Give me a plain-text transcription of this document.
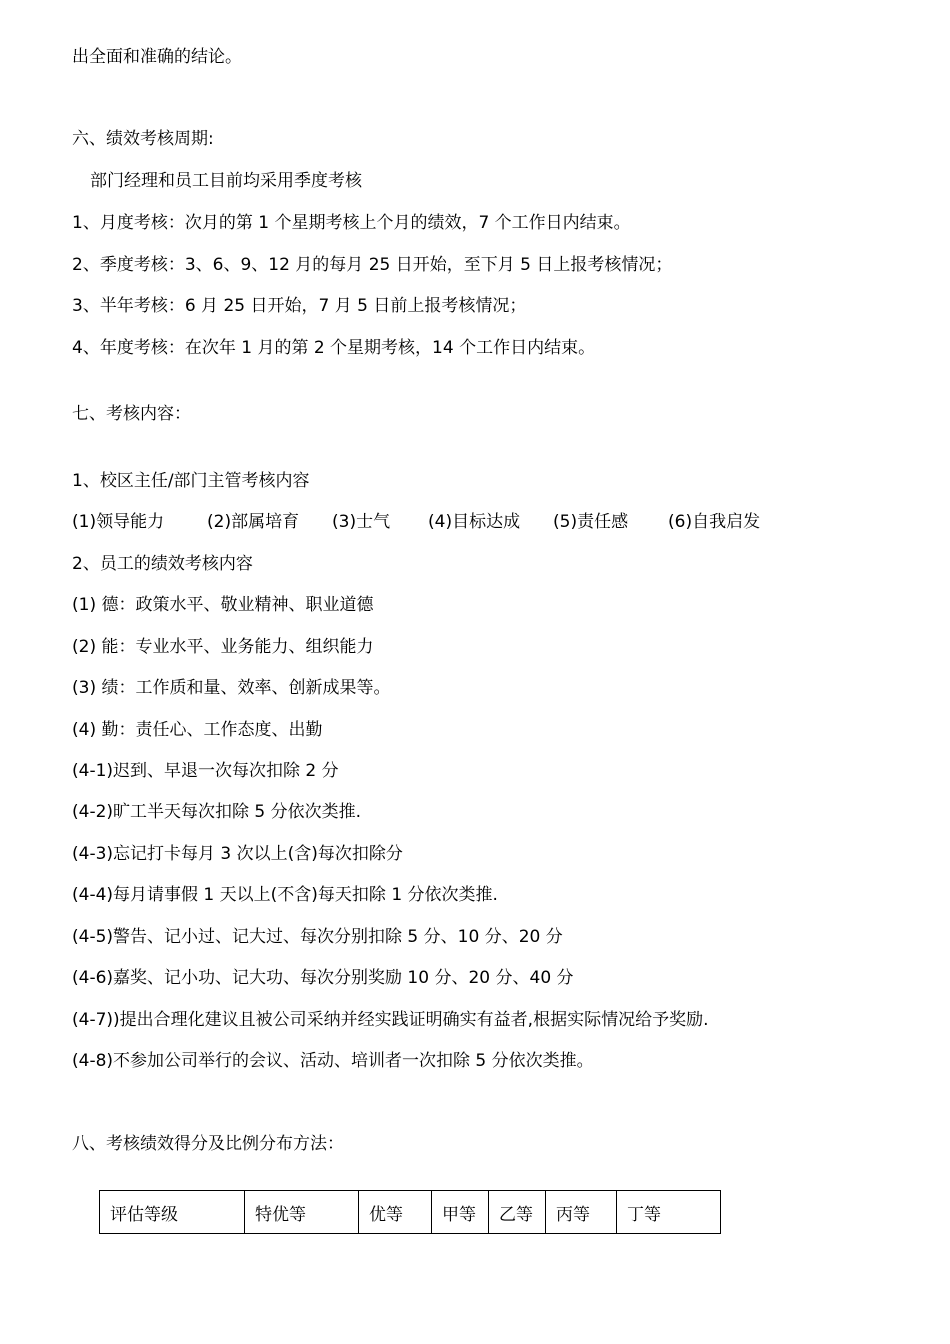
出全面和准确的结论。
六、绩效考核周期:
部门经理和员工目前均采用季度考核
1、月度考核：次月的第 1 个星期考核上个月的绩效，7 个工作日内结束。
2、季度考核：3、6、9、12 月的每月 25 日开始，至下月 5 日上报考核情况；
3、半年考核：6 月 25 日开始，7 月 5 日前上报考核情况；
4、年度考核：在次年 1 月的第 2 个星期考核，14 个工作日内结束。
七、考核内容：
1、校区主任/部门主管考核内容
(1)领导能力	(2)部属培育 (3)士气 (4)目标达成 (5)责任感 (6)自我启发
2、员工的绩效考核内容
(1) 德：政策水平、敬业精神、职业道德
(2) 能：专业水平、业务能力、组织能力
(3) 绩：工作质和量、效率、创新成果等。
(4) 勤：责任心、工作态度、出勤
(4-1)迟到、早退一次每次扣除 2 分
(4-2)旷工半天每次扣除 5 分依次类推.
(4-3)忘记打卡每月 3 次以上(含)每次扣除分
(4-4)每月请事假 1 天以上(不含)每天扣除 1 分依次类推.
(4-5)警告、记小过、记大过、每次分别扣除 5 分、10 分、20 分
(4-6)嘉奖、记小功、记大功、每次分别奖励 10 分、20 分、40 分
(4-7))提出合理化建议且被公司采纳并经实践证明确实有益者,根据实际情况给予奖励.
(4-8)不参加公司举行的会议、活动、培训者一次扣除 5 分依次类推。
八、考核绩效得分及比例分布方法：
评估等级	特优等	优等	甲等	乙等	丙等	丁等
